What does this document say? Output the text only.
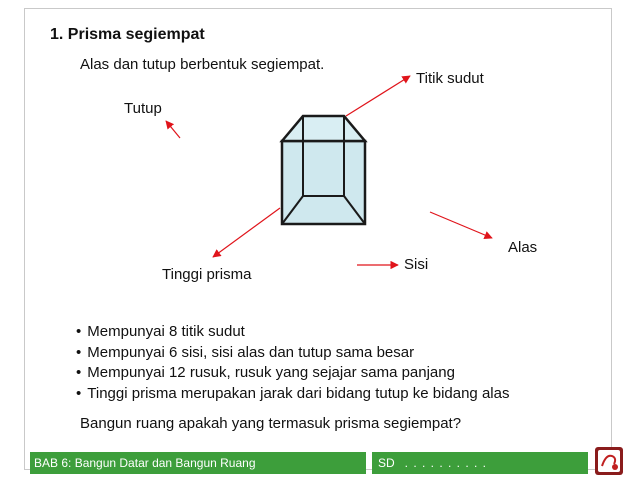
1. Prisma segiempat
Alas dan tutup berbentuk segiempat.
Titik sudut
Tutup
Alas
Sisi
Tinggi prisma
• Mempunyai 8 titik sudut
• Mempunyai 6 sisi, sisi alas dan tutup sama besar
• Mempunyai 12 rusuk, rusuk yang sejajar sama panjang
• Tinggi prisma merupakan jarak dari bidang tutup ke bidang alas
Bangun ruang apakah yang termasuk prisma segiempat?
BAB 6: Bangun Datar dan Bangun Ruang	SD . . . . . . . . . .
